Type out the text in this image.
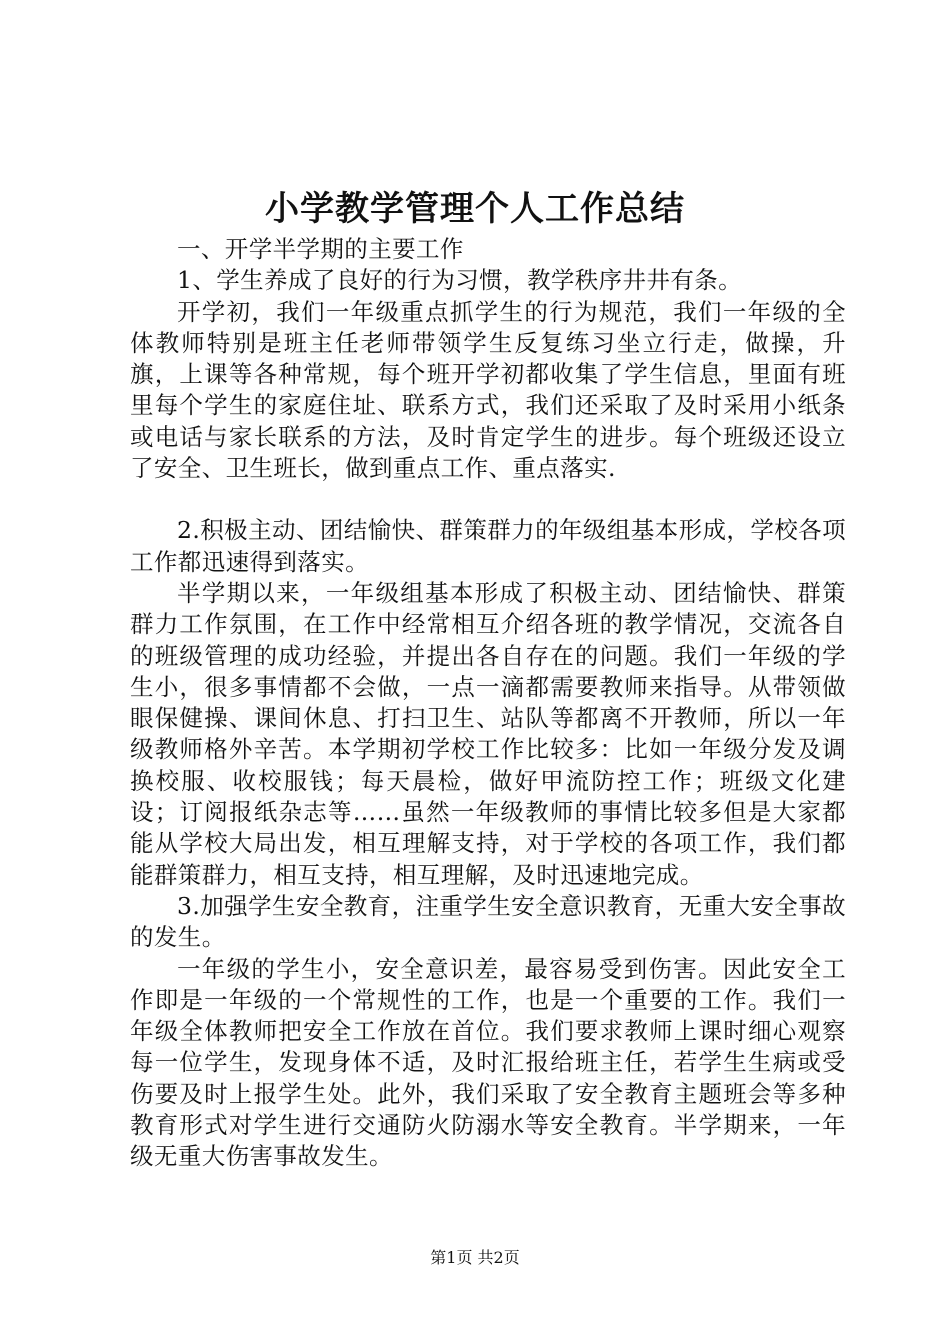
小学教学管理个人工作总结

一、开学半学期的主要工作

1、学生养成了良好的行为习惯，教学秩序井井有条。

开学初，我们一年级重点抓学生的行为规范，我们一年级的全体教师特别是班主任老师带领学生反复练习坐立行走，做操，升旗，上课等各种常规，每个班开学初都收集了学生信息，里面有班里每个学生的家庭住址、联系方式，我们还采取了及时采用小纸条或电话与家长联系的方法，及时肯定学生的进步。每个班级还设立了安全、卫生班长，做到重点工作、重点落实.

2.积极主动、团结愉快、群策群力的年级组基本形成，学校各项工作都迅速得到落实。

半学期以来，一年级组基本形成了积极主动、团结愉快、群策群力工作氛围，在工作中经常相互介绍各班的教学情况，交流各自的班级管理的成功经验，并提出各自存在的问题。我们一年级的学生小，很多事情都不会做，一点一滴都需要教师来指导。从带领做眼保健操、课间休息、打扫卫生、站队等都离不开教师，所以一年级教师格外辛苦。本学期初学校工作比较多：比如一年级分发及调换校服、收校服钱；每天晨检，做好甲流防控工作；班级文化建设；订阅报纸杂志等……虽然一年级教师的事情比较多但是大家都能从学校大局出发，相互理解支持，对于学校的各项工作，我们都能群策群力，相互支持，相互理解，及时迅速地完成。

3.加强学生安全教育，注重学生安全意识教育，无重大安全事故的发生。

一年级的学生小，安全意识差，最容易受到伤害。因此安全工作即是一年级的一个常规性的工作，也是一个重要的工作。我们一年级全体教师把安全工作放在首位。我们要求教师上课时细心观察每一位学生，发现身体不适，及时汇报给班主任，若学生生病或受伤要及时上报学生处。此外，我们采取了安全教育主题班会等多种教育形式对学生进行交通防火防溺水等安全教育。半学期来，一年级无重大伤害事故发生。

第1页 共2页
